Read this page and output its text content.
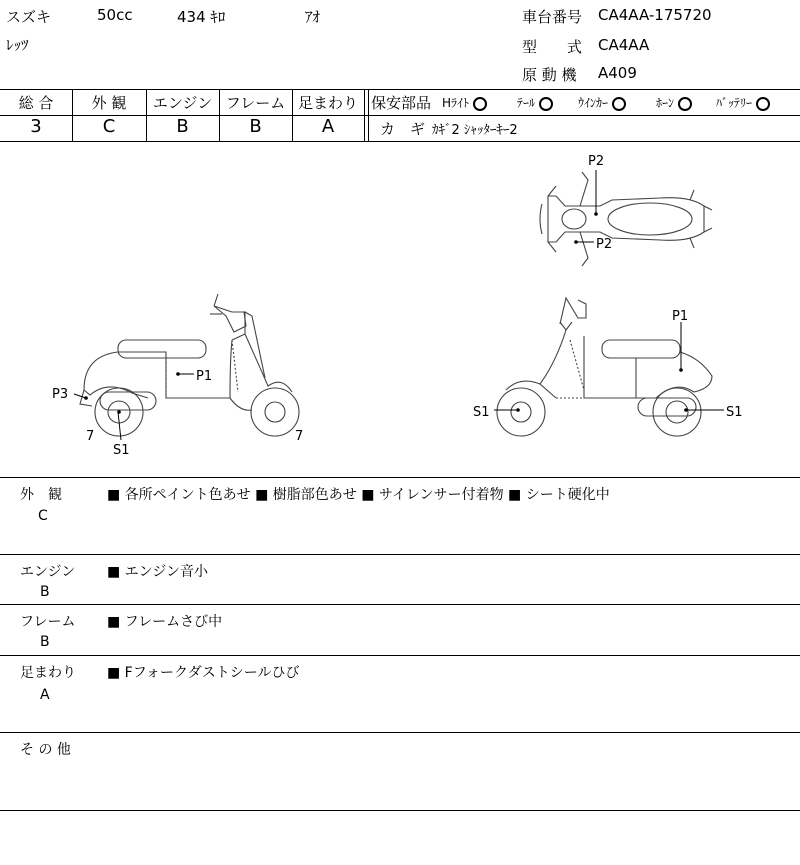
スズキ	50cc	434 ｷﾛ	ｱｵ
ﾚｯﾂ
車台番号 CA4AA-175720
型　　式 CA4AA
原 動 機 A409
総 合	外 観	エンジン フレーム 足まわり
3	C	B	B	A
保安部品 Hﾗｲﾄ	ﾃｰﾙ	ｳｲﾝｶｰ	ﾎｰﾝ	ﾊﾞｯﾃﾘｰ
カ　ギ ｶｷﾞ2 ｼｬｯﾀｰｷｰ2
P1
P3
7	7
S1
P2
P2
P1
S1	S1
外　観
C
■ 各所ペイント色あせ ■ 樹脂部色あせ ■ サイレンサー付着物 ■ シート硬化中
エンジン
B
■ エンジン音小
フレーム
B
■ フレームさび中
足まわり
A
■ Fフォークダストシールひび
そ の 他
